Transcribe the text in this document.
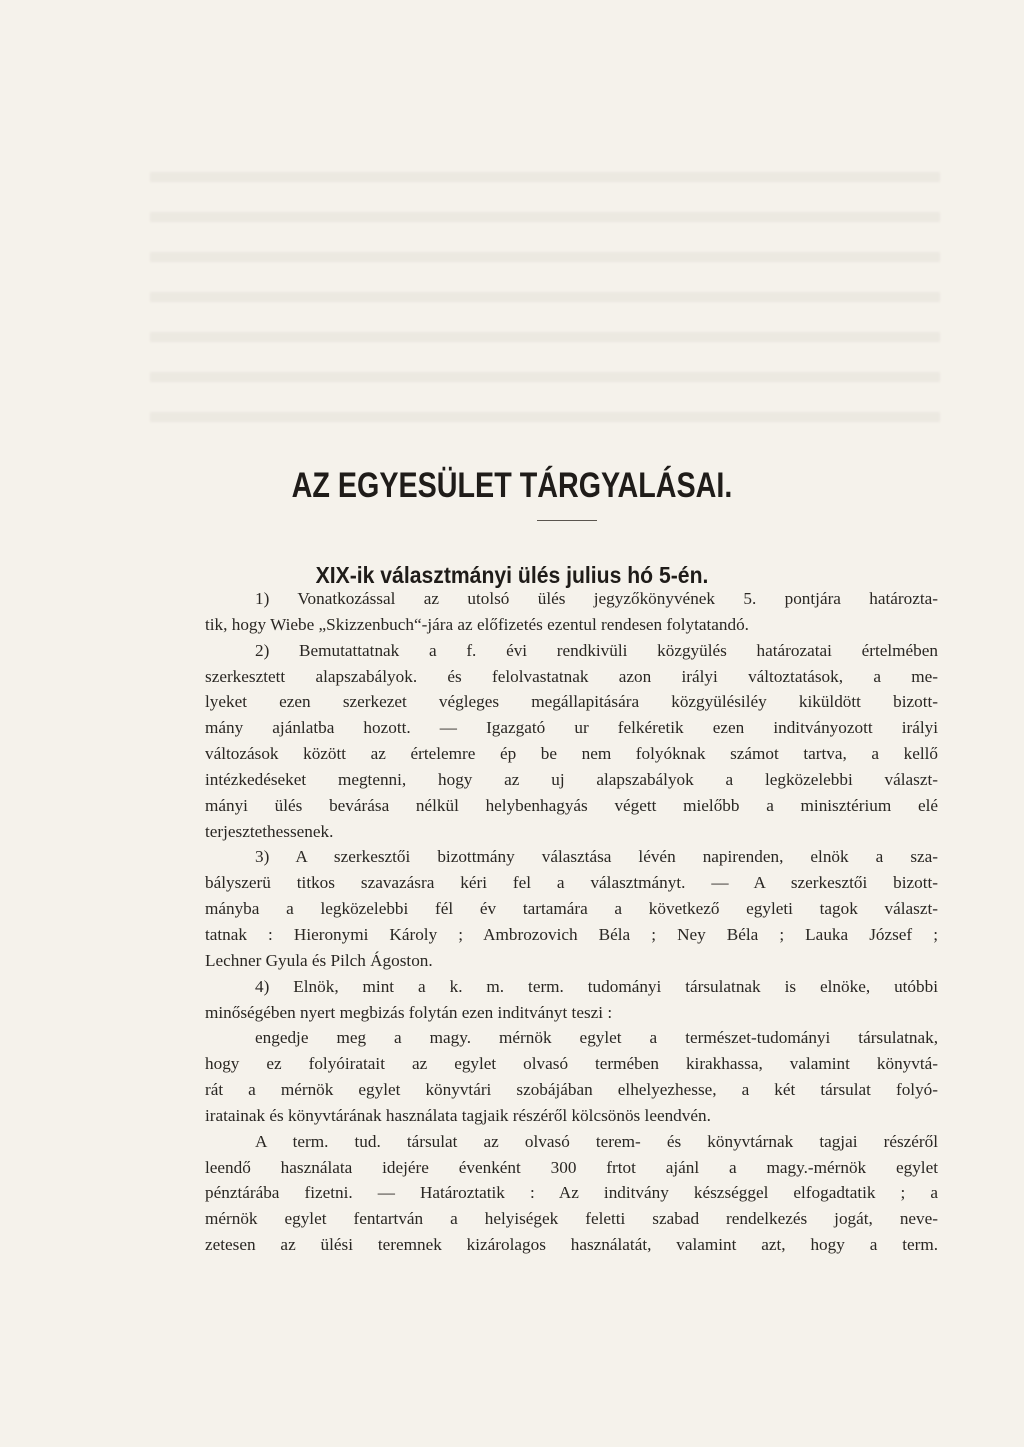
AZ EGYESÜLET TÁRGYALÁSAI.
XIX-ik választmányi ülés julius hó 5-én.

1) Vonatkozással az utolsó ülés jegyzőkönyvének 5. pontjára határozta-

tik, hogy Wiebe „Skizzenbuch“-jára az előfizetés ezentul rendesen folytatandó.

2) Bemutattatnak a f. évi rendkivüli közgyülés határozatai értelmében

szerkesztett alapszabályok. és felolvastatnak azon irályi változtatások, a me-

lyeket ezen szerkezet végleges megállapitására közgyülésiléy kiküldött bizott-

mány ajánlatba hozott. — Igazgató ur felkéretik ezen inditványozott irályi

változások között az értelemre ép be nem folyóknak számot tartva, a kellő

intézkedéseket megtenni, hogy az uj alapszabályok a legközelebbi választ-

mányi ülés bevárása nélkül helybenhagyás végett mielőbb a minisztérium elé

terjesztethessenek.

3) A szerkesztői bizottmány választása lévén napirenden, elnök a sza-

bályszerü titkos szavazásra kéri fel a választmányt. — A szerkesztői bizott-

mányba a legközelebbi fél év tartamára a következő egyleti tagok választ-

tatnak : Hieronymi Károly ; Ambrozovich Béla ; Ney Béla ; Lauka József ;

Lechner Gyula és Pilch Ágoston.

4) Elnök, mint a k. m. term. tudományi társulatnak is elnöke, utóbbi

minőségében nyert megbizás folytán ezen inditványt teszi :

engedje meg a magy. mérnök egylet a természet-tudományi társulatnak,

hogy ez folyóiratait az egylet olvasó termében kirakhassa, valamint könyvtá-

rát a mérnök egylet könyvtári szobájában elhelyezhesse, a két társulat folyó-

iratainak és könyvtárának használata tagjaik részéről kölcsönös leendvén.

A term. tud. társulat az olvasó terem- és könyvtárnak tagjai részéről

leendő használata idejére évenként 300 frtot ajánl a magy.-mérnök egylet

pénztárába fizetni. — Határoztatik : Az inditvány készséggel elfogadtatik ; a

mérnök egylet fentartván a helyiségek feletti szabad rendelkezés jogát, neve-

zetesen az ülési teremnek kizárolagos használatát, valamint azt, hogy a term.
